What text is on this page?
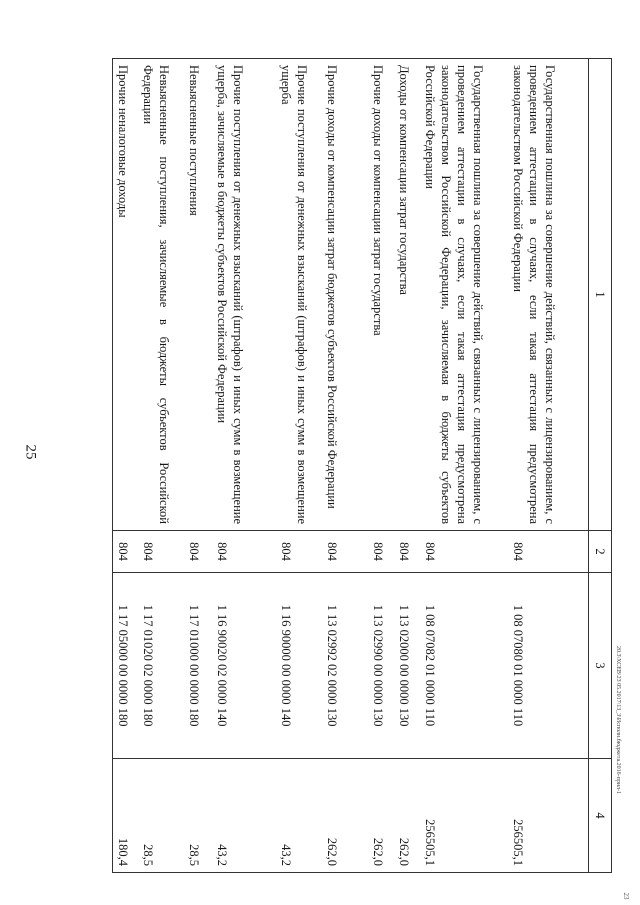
25
1	2	3	4
Государственная пошлина за совершение действий, связанных с лицензированием, с проведением аттестации в случаях, если такая аттестация предусмотрена законодательством Российской Федерации	804	1 08 07080 01 0000 110	256505,1
Государственная пошлина за совершение действий, связанных с лицензированием, с проведением аттестации в случаях, если такая аттестация предусмотрена законодательством Российской Федерации, зачисляемая в бюджеты субъектов Российской Федерации	804	1 08 07082 01 0000 110	256505,1
Доходы от компенсации затрат государства	804	1 13 02000 00 0000 130	262,0
Прочие доходы от компенсации затрат государства	804	1 13 02990 00 0000 130	262,0
Прочие доходы от компенсации затрат бюджетов субъектов Российской Федерации	804	1 13 02992 02 0000 130	262,0
Прочие поступления от денежных взысканий (штрафов) и иных сумм в возмещение ущерба	804	1 16 90000 00 0000 140	43,2
Прочие поступления от денежных взысканий (штрафов) и иных сумм в возмещение ущерба, зачисляемые в бюджеты субъектов Российской Федерации	804	1 16 90020 02 0000 140	43,2
Невыясненные поступления	804	1 17 01000 00 0000 180	28,5
Невыясненные поступления, зачисляемые в бюджеты субъектов Российской Федерации	804	1 17 01020 02 0000 180	28,5
Прочие неналоговые доходы	804	1 17 05000 00 0000 180	180,4
20.3\ХСЕВ\23 05.2017\13_3\Исполн.бюджета.2016-прил-1
23
